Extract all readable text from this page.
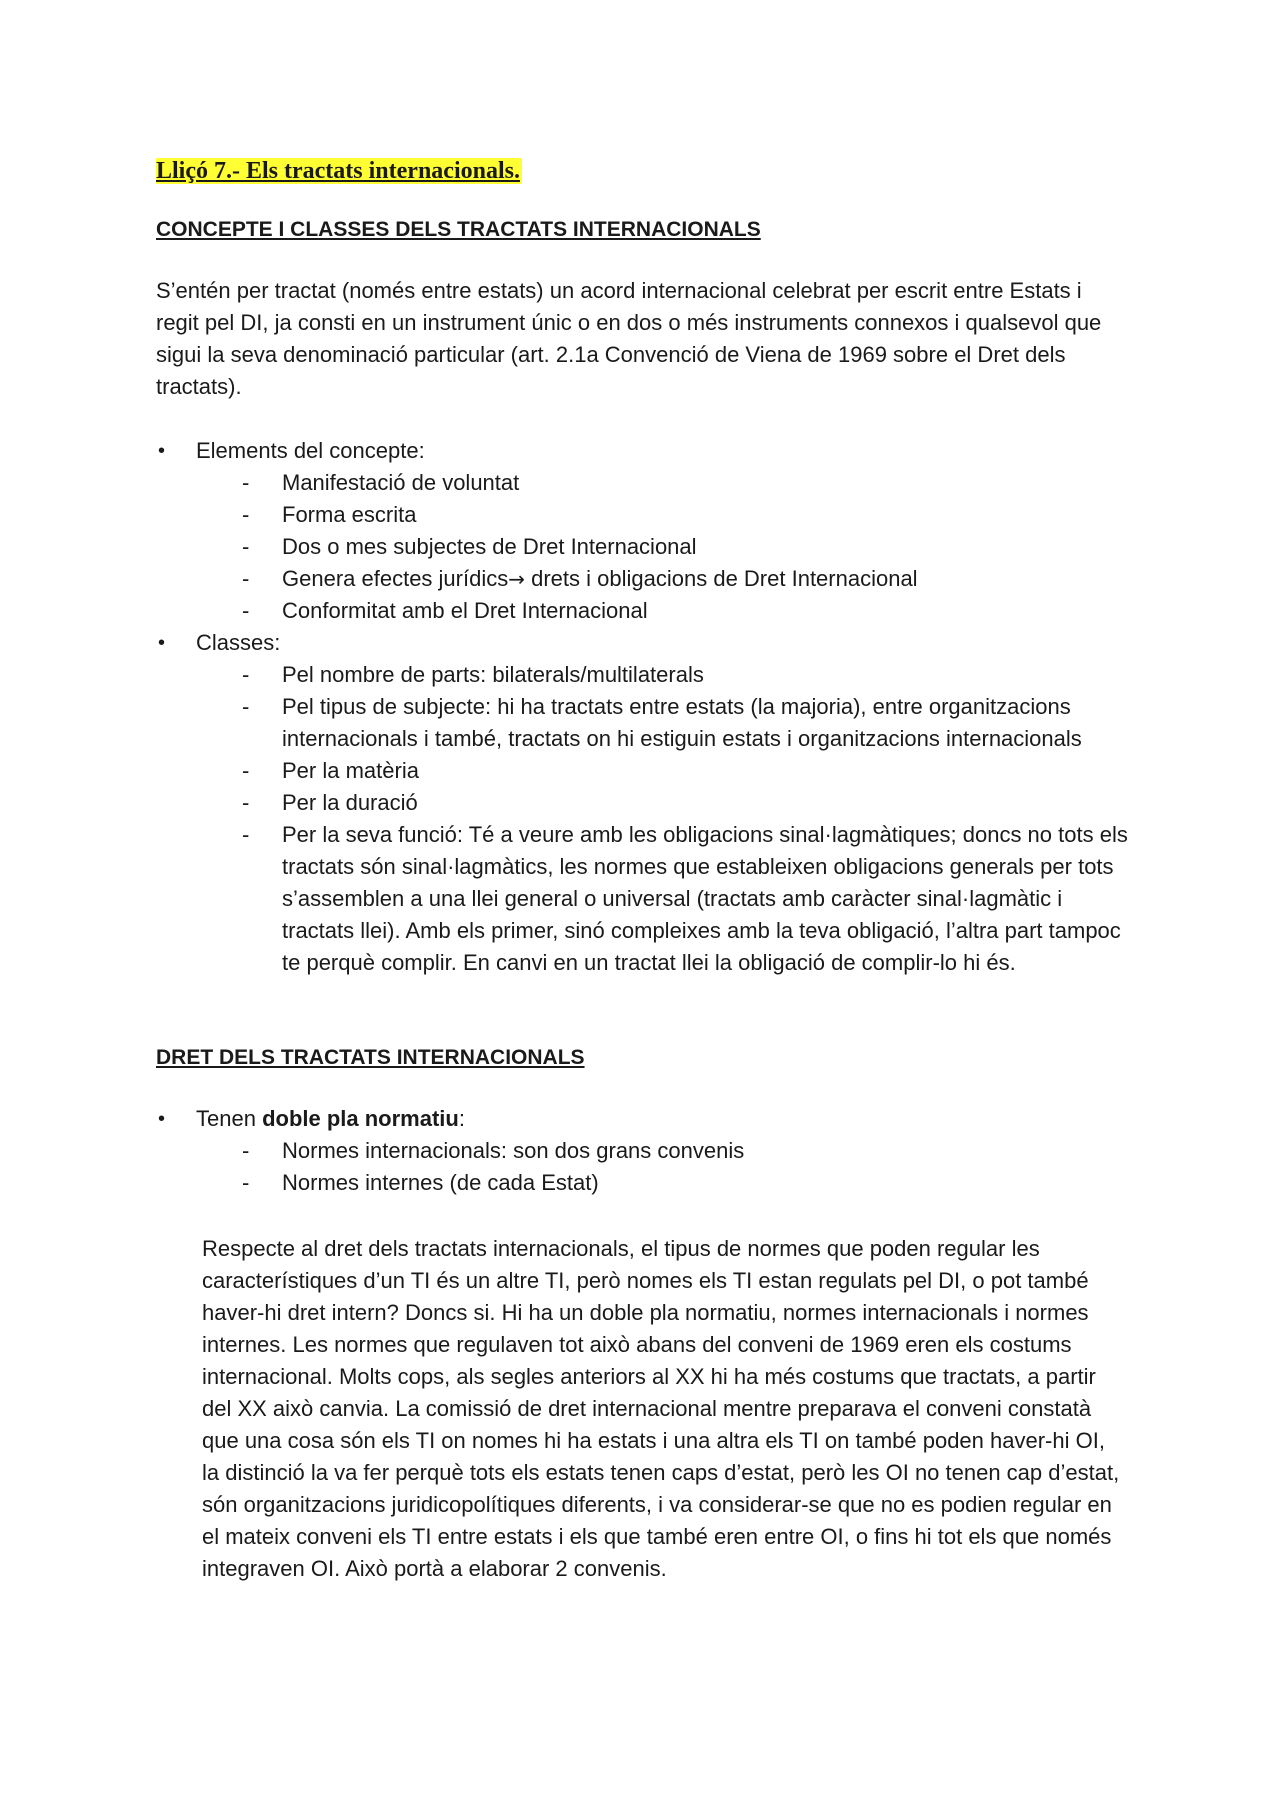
Lliçó 7.- Els tractats internacionals.
CONCEPTE I CLASSES DELS TRACTATS INTERNACIONALS
S’entén per tractat (només entre estats) un acord internacional celebrat per escrit entre Estats i regit pel DI, ja consti en un instrument únic o en dos o més instruments connexos i qualsevol que sigui la seva denominació particular (art. 2.1a Convenció de Viena de 1969 sobre el Dret dels tractats).
• Elements del concepte:
- Manifestació de voluntat
- Forma escrita
- Dos o mes subjectes de Dret Internacional
- Genera efectes jurídics→ drets i obligacions de Dret Internacional
- Conformitat amb el Dret Internacional
• Classes:
- Pel nombre de parts: bilaterals/multilaterals
- Pel tipus de subjecte: hi ha tractats entre estats (la majoria), entre organitzacions internacionals i també, tractats on hi estiguin estats i organitzacions internacionals
- Per la matèria
- Per la duració
- Per la seva funció: Té a veure amb les obligacions sinal·lagmàtiques; doncs no tots els tractats són sinal·lagmàtics, les normes que estableixen obligacions generals per tots s’assemblen a una llei general o universal (tractats amb caràcter sinal·lagmàtic i tractats llei). Amb els primer, sinó compleixes amb la teva obligació, l’altra part tampoc te perquè complir. En canvi en un tractat llei la obligació de complir-lo hi és.
DRET DELS TRACTATS INTERNACIONALS
• Tenen doble pla normatiu:
- Normes internacionals: son dos grans convenis
- Normes internes (de cada Estat)
Respecte al dret dels tractats internacionals, el tipus de normes que poden regular les característiques d’un TI és un altre TI, però nomes els TI estan regulats pel DI, o pot també haver-hi dret intern? Doncs si. Hi ha un doble pla normatiu, normes internacionals i normes internes. Les normes que regulaven tot això abans del conveni de 1969 eren els costums internacional. Molts cops, als segles anteriors al XX hi ha més costums que tractats, a partir del XX això canvia. La comissió de dret internacional mentre preparava el conveni constatà que una cosa són els TI on nomes hi ha estats i una altra els TI on també poden haver-hi OI, la distinció la va fer perquè tots els estats tenen caps d’estat, però les OI no tenen cap d’estat, són organitzacions juridicopolítiques diferents, i va considerar-se que no es podien regular en el mateix conveni els TI entre estats i els que també eren entre OI, o fins hi tot els que només integraven OI. Això portà a elaborar 2 convenis.
